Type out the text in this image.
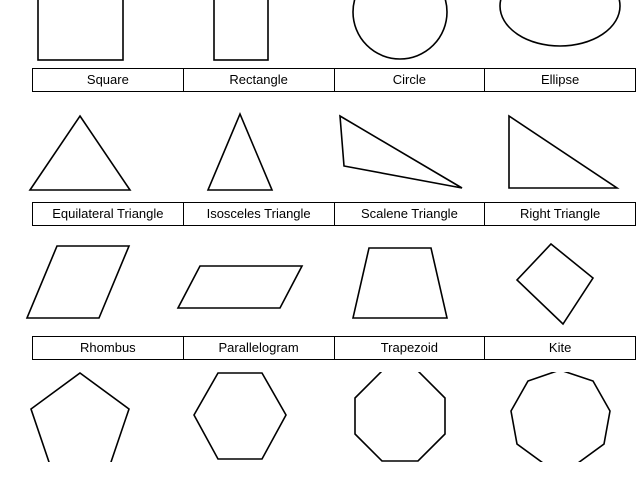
Square	Rectangle	Circle	Ellipse
Equilateral Triangle	Isosceles Triangle	Scalene Triangle	Right Triangle
Rhombus	Parallelogram	Trapezoid	Kite
